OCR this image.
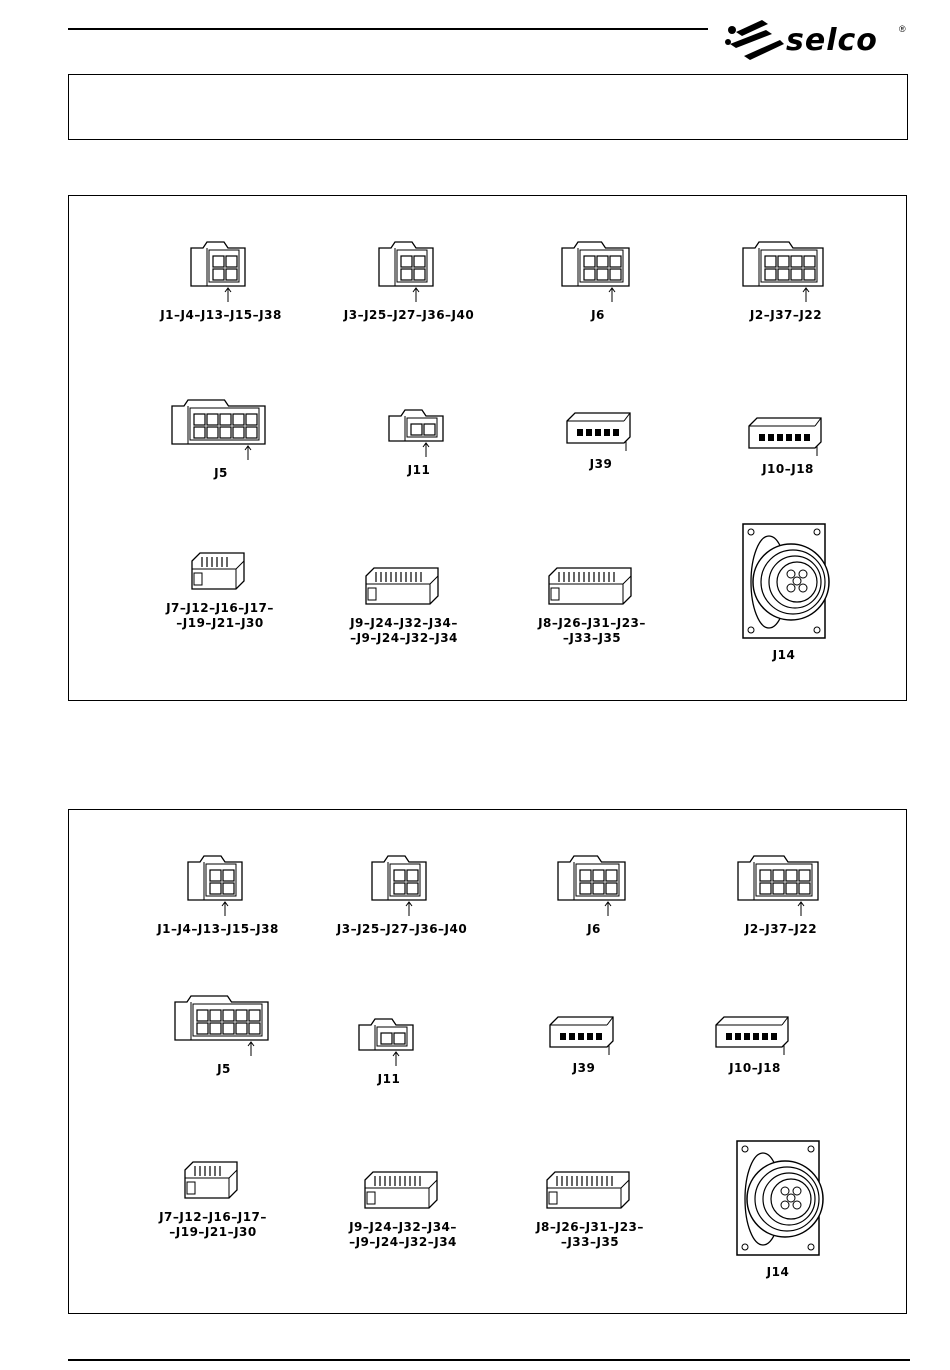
selco ®
J1–J4–J13–J15–J38	J3–J25–J27–J36–J40	J6	J2–J37–J22
J5	J11	J39	J10–J18
J7–J12–J16–J17–
–J19–J21–J30	J9–J24–J32–J34–
–J9–J24–J32–J34
J8–J26–J31–J23–
–J33–J35
J14
J1–J4–J13–J15–J38	J3–J25–J27–J36–J40	J6	J2–J37–J22
J5
J11
J39	J10–J18
J7–J12–J16–J17–
–J19–J21–J30	J9–J24–J32–J34–
–J9–J24–J32–J34
J8–J26–J31–J23–
–J33–J35
J14
